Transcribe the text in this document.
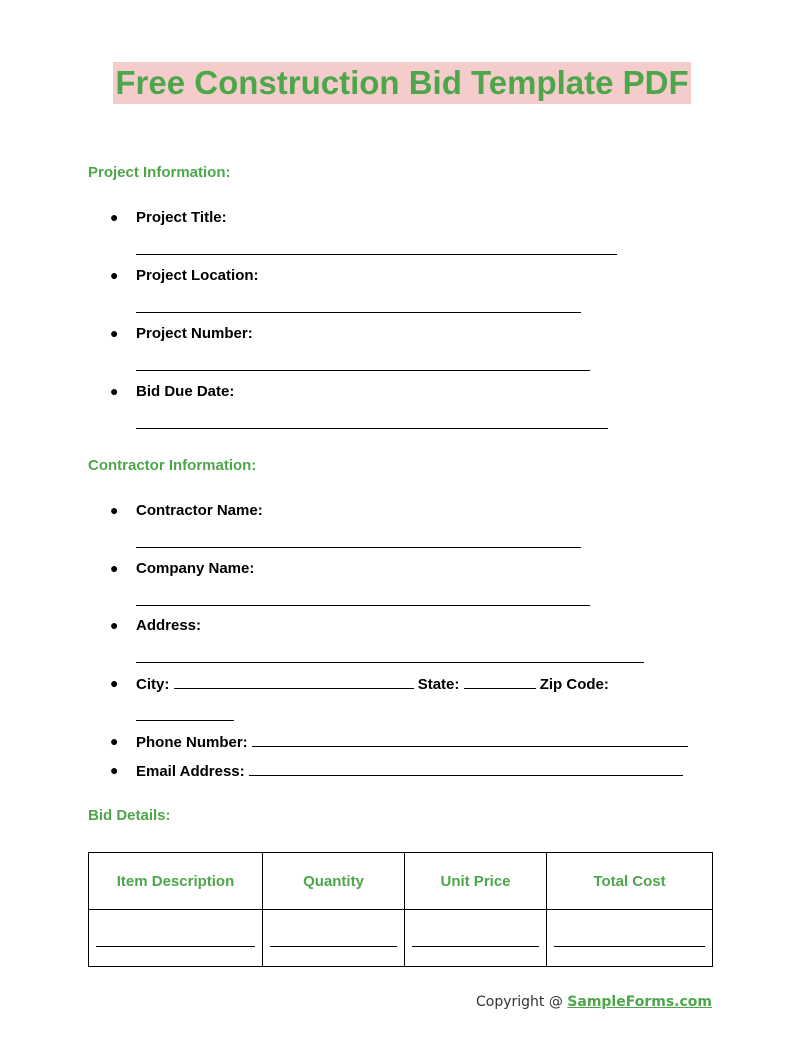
Free Construction Bid Template PDF
Project Information:
● Project Title:
● Project Location:
● Project Number:
● Bid Due Date:
Contractor Information:
● Contractor Name:
● Company Name:
● Address:
● City:	State:	Zip Code:
● Phone Number:
● Email Address:
Bid Details:
Item Description	Quantity	Unit Price	Total Cost

Copyright @ SampleForms.com
